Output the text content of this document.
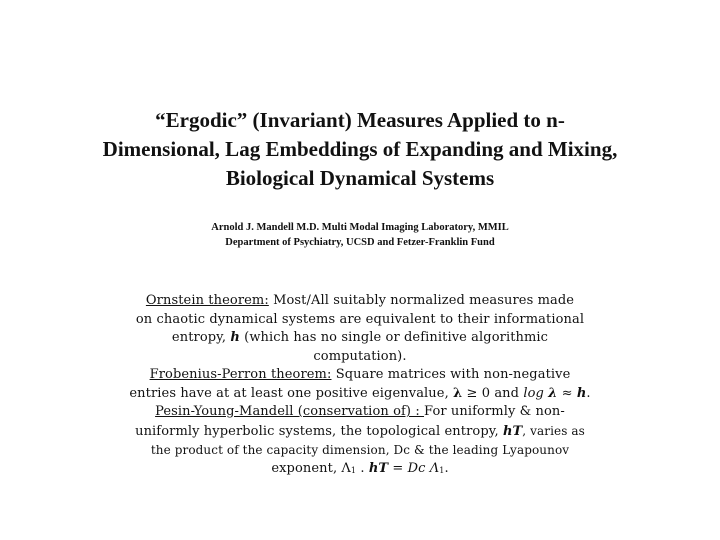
“Ergodic” (Invariant) Measures Applied to n-
Dimensional, Lag Embeddings of Expanding and Mixing,
Biological Dynamical Systems
Arnold J. Mandell M.D. Multi Modal Imaging Laboratory, MMIL
Department of Psychiatry, UCSD and Fetzer-Franklin Fund
Ornstein theorem: Most/All suitably normalized measures made
on chaotic dynamical systems are equivalent to their informational
entropy, h (which has no single or definitive algorithmic
computation).
Frobenius-Perron theorem: Square matrices with non-negative
entries have at at least one positive eigenvalue, λ ≥ 0 and log λ ≈ h.
Pesin-Young-Mandell (conservation of) : For uniformly & non-
uniformly hyperbolic systems, the topological entropy, hT, varies as
the product of the capacity dimension, Dc & the leading Lyapounov
exponent, $\Lambda_1$ . hT = Dc $\Lambda_1$.
